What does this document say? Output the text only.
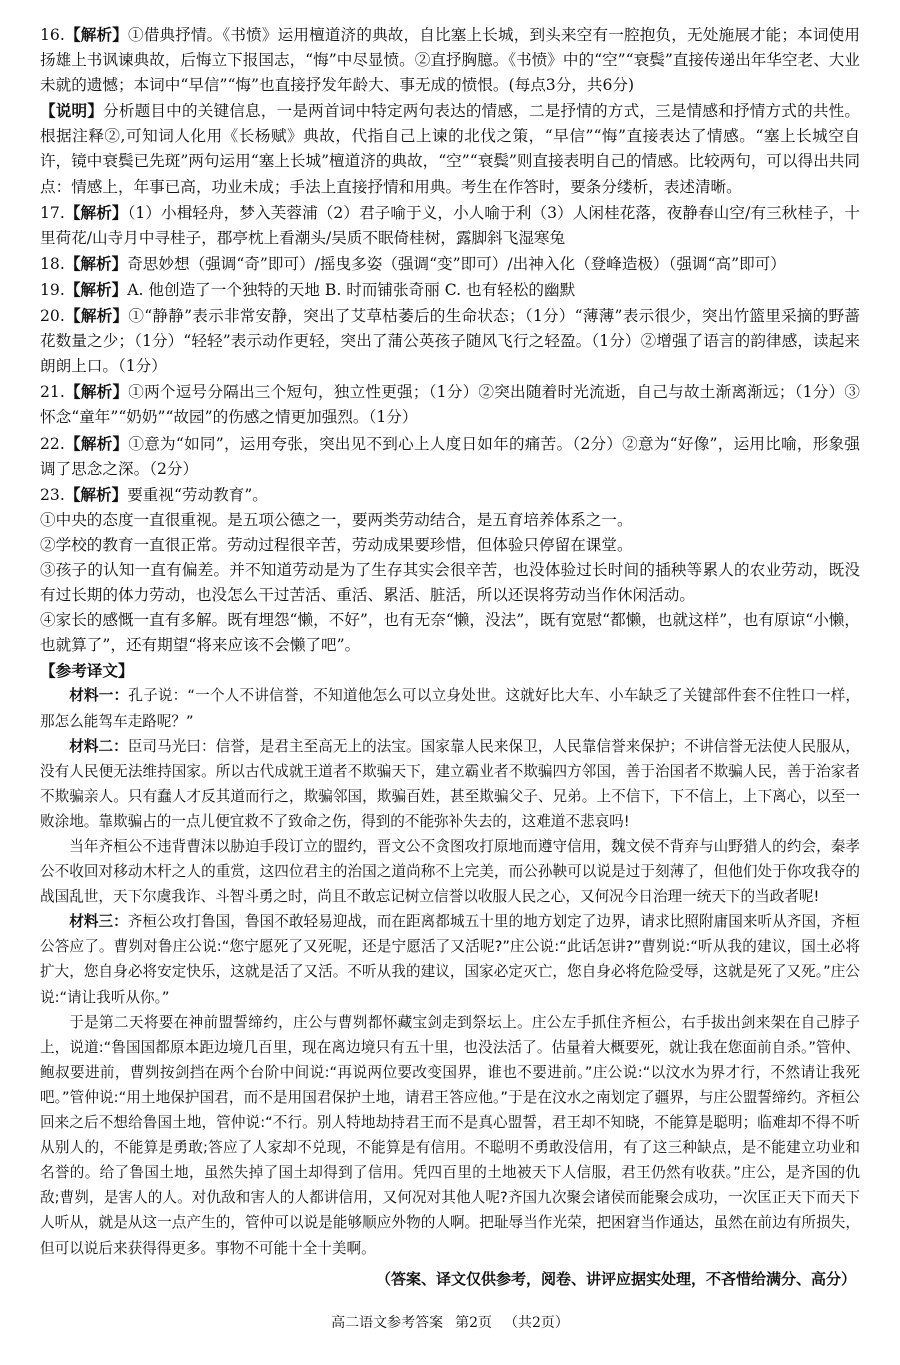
16.【解析】①借典抒情。《书愤》运用檀道济的典故，自比塞上长城，到头来空有一腔抱负，无处施展才能；本词使用扬雄上书讽谏典故，后悔立下报国志，“悔”中尽显愤。②直抒胸臆。《书愤》中的“空”“衰鬓”直接传递出年华空老、大业未就的遗憾；本词中“早信”“悔”也直接抒发年龄大、事无成的愤恨。(每点3分，共6分)

【说明】分析题目中的关键信息，一是两首词中特定两句表达的情感，二是抒情的方式，三是情感和抒情方式的共性。根据注释②,可知词人化用《长杨赋》典故，代指自己上谏的北伐之策，“早信”“悔”直接表达了情感。“塞上长城空自许，镜中衰鬓已先斑”两句运用“塞上长城”檀道济的典故，“空”“衰鬓”则直接表明自己的情感。比较两句，可以得出共同点：情感上，年事已高，功业未成；手法上直接抒情和用典。考生在作答时，要条分缕析，表述清晰。

17.【解析】（1）小楫轻舟，梦入芙蓉浦（2）君子喻于义，小人喻于利（3）人闲桂花落，夜静春山空/有三秋桂子，十里荷花/山寺月中寻桂子，郡亭枕上看潮头/吴质不眠倚桂树，露脚斜飞湿寒兔

18.【解析】奇思妙想（强调“奇”即可）/摇曳多姿（强调“变”即可）/出神入化（登峰造极）（强调“高”即可）

19.【解析】A. 他创造了一个独特的天地 B. 时而铺张奇丽 C. 也有轻松的幽默

20.【解析】①“静静”表示非常安静，突出了艾草枯萎后的生命状态；（1分）“薄薄”表示很少，突出竹篮里采摘的野蔷花数量之少；（1分）“轻轻”表示动作更轻，突出了蒲公英孩子随风飞行之轻盈。（1分）②增强了语言的韵律感，读起来朗朗上口。（1分）

21.【解析】①两个逗号分隔出三个短句，独立性更强；（1分）②突出随着时光流逝，自己与故土渐离渐远；（1分）③怀念“童年”“奶奶”“故园”的伤感之情更加强烈。（1分）

22.【解析】①意为“如同”，运用夸张，突出见不到心上人度日如年的痛苦。（2分）②意为“好像”，运用比喻，形象强调了思念之深。（2分）

23.【解析】要重视“劳动教育”。

①中央的态度一直很重视。是五项公德之一，要两类劳动结合，是五育培养体系之一。

②学校的教育一直很正常。劳动过程很辛苦，劳动成果要珍惜，但体验只停留在课堂。

③孩子的认知一直有偏差。并不知道劳动是为了生存其实会很辛苦，也没体验过长时间的插秧等累人的农业劳动，既没有过长期的体力劳动，也没怎么干过苦活、重活、累活、脏活，所以还误将劳动当作休闲活动。

④家长的感慨一直有多解。既有埋怨“懒，不好”，也有无奈“懒，没法”，既有宽慰“都懒，也就这样”，也有原谅“小懒，也就算了”，还有期望“将来应该不会懒了吧”。

【参考译文】

材料一：孔子说：“一个人不讲信誉，不知道他怎么可以立身处世。这就好比大车、小车缺乏了关键部件套不住牲口一样，那怎么能驾车走路呢？”

材料二：臣司马光曰：信誉，是君主至高无上的法宝。国家靠人民来保卫，人民靠信誉来保护；不讲信誉无法使人民服从，没有人民便无法维持国家。所以古代成就王道者不欺骗天下，建立霸业者不欺骗四方邻国，善于治国者不欺骗人民，善于治家者不欺骗亲人。只有蠢人才反其道而行之，欺骗邻国，欺骗百姓，甚至欺骗父子、兄弟。上不信下，下不信上，上下离心，以至一败涂地。靠欺骗占的一点儿便宜救不了致命之伤，得到的不能弥补失去的，这难道不悲哀吗!

当年齐桓公不违背曹沫以胁迫手段订立的盟约，晋文公不贪图攻打原地而遵守信用，魏文侯不背弃与山野猎人的约会，秦孝公不收回对移动木杆之人的重赏，这四位君主的治国之道尚称不上完美，而公孙鞅可以说是过于刻薄了，但他们处于你攻我夺的战国乱世，天下尔虞我诈、斗智斗勇之时，尚且不敢忘记树立信誉以收服人民之心，又何况今日治理一统天下的当政者呢!

材料三：齐桓公攻打鲁国，鲁国不敢轻易迎战，而在距离都城五十里的地方划定了边界，请求比照附庸国来听从齐国，齐桓公答应了。曹刿对鲁庄公说:“您宁愿死了又死呢，还是宁愿活了又活呢?”庄公说:“此话怎讲?”曹刿说:“听从我的建议，国土必将扩大，您自身必将安定快乐，这就是活了又活。不听从我的建议，国家必定灭亡，您自身必将危险受辱，这就是死了又死。”庄公说:“请让我听从你。”

于是第二天将要在神前盟誓缔约，庄公与曹刿都怀藏宝剑走到祭坛上。庄公左手抓住齐桓公，右手拔出剑来架在自己脖子上，说道:“鲁国国都原本距边境几百里，现在离边境只有五十里，也没法活了。估量着大概要死，就让我在您面前自杀。”管仲、鲍叔要进前，曹刿按剑挡在两个台阶中间说:“再说两位要改变国界，谁也不要进前。”庄公说:“以汶水为界才行，不然请让我死吧。”管仲说:“用土地保护国君，而不是用国君保护土地，请君王答应他。”于是在汶水之南划定了疆界，与庄公盟誓缔约。齐桓公回来之后不想给鲁国土地，管仲说:“不行。别人特地劫持君王而不是真心盟誓，君王却不知晓，不能算是聪明；临难却不得不听从别人的，不能算是勇敢;答应了人家却不兑现，不能算是有信用。不聪明不勇敢没信用，有了这三种缺点，是不能建立功业和名誉的。给了鲁国土地，虽然失掉了国土却得到了信用。凭四百里的土地被天下人信服，君王仍然有收获。”庄公，是齐国的仇敌;曹刿，是害人的人。对仇敌和害人的人都讲信用，又何况对其他人呢?齐国九次聚会诸侯而能聚会成功，一次匡正天下而天下人听从，就是从这一点产生的，管仲可以说是能够顺应外物的人啊。把耻辱当作光荣，把困窘当作通达，虽然在前边有所损失，但可以说后来获得得更多。事物不可能十全十美啊。

（答案、译文仅供参考，阅卷、讲评应据实处理，不吝惜给满分、高分）

高二语文参考答案 第2页 （共2页）
